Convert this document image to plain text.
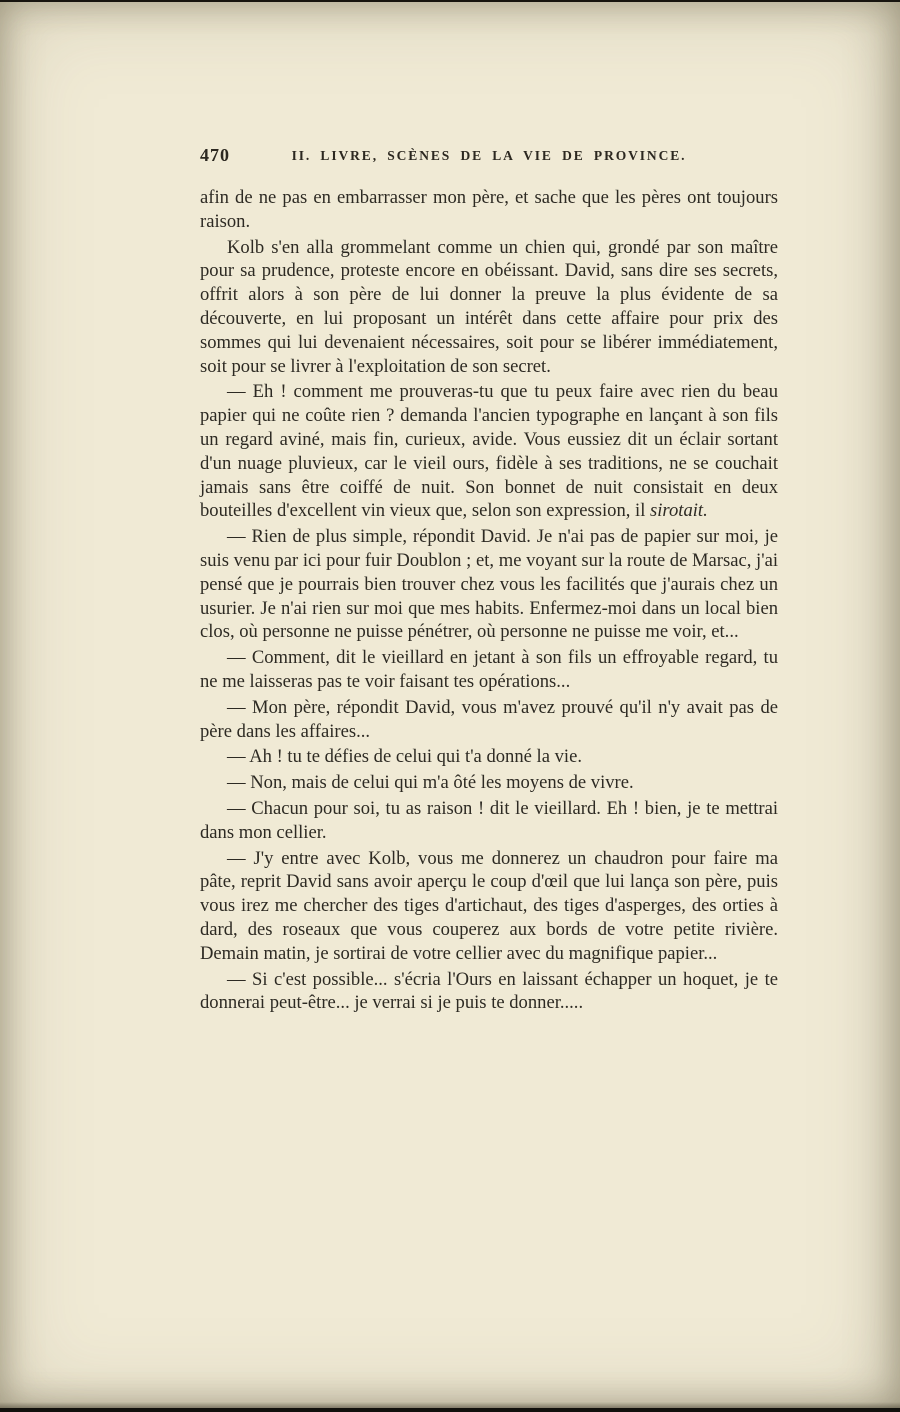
470	II. LIVRE, SCÈNES DE LA VIE DE PROVINCE.

afin de ne pas en embarrasser mon père, et sache que les pères ont toujours raison.

Kolb s'en alla grommelant comme un chien qui, grondé par son maître pour sa prudence, proteste encore en obéissant. David, sans dire ses secrets, offrit alors à son père de lui donner la preuve la plus évidente de sa découverte, en lui proposant un intérêt dans cette affaire pour prix des sommes qui lui devenaient nécessaires, soit pour se libérer immédiatement, soit pour se livrer à l'exploitation de son secret.

— Eh ! comment me prouveras-tu que tu peux faire avec rien du beau papier qui ne coûte rien ? demanda l'ancien typographe en lançant à son fils un regard aviné, mais fin, curieux, avide. Vous eussiez dit un éclair sortant d'un nuage pluvieux, car le vieil ours, fidèle à ses traditions, ne se couchait jamais sans être coiffé de nuit. Son bonnet de nuit consistait en deux bouteilles d'excellent vin vieux que, selon son expression, il sirotait.

— Rien de plus simple, répondit David. Je n'ai pas de papier sur moi, je suis venu par ici pour fuir Doublon ; et, me voyant sur la route de Marsac, j'ai pensé que je pourrais bien trouver chez vous les facilités que j'aurais chez un usurier. Je n'ai rien sur moi que mes habits. Enfermez-moi dans un local bien clos, où personne ne puisse pénétrer, où personne ne puisse me voir, et...

— Comment, dit le vieillard en jetant à son fils un effroyable regard, tu ne me laisseras pas te voir faisant tes opérations...

— Mon père, répondit David, vous m'avez prouvé qu'il n'y avait pas de père dans les affaires...

— Ah ! tu te défies de celui qui t'a donné la vie.

— Non, mais de celui qui m'a ôté les moyens de vivre.

— Chacun pour soi, tu as raison ! dit le vieillard. Eh ! bien, je te mettrai dans mon cellier.

— J'y entre avec Kolb, vous me donnerez un chaudron pour faire ma pâte, reprit David sans avoir aperçu le coup d'œil que lui lança son père, puis vous irez me chercher des tiges d'artichaut, des tiges d'asperges, des orties à dard, des roseaux que vous couperez aux bords de votre petite rivière. Demain matin, je sortirai de votre cellier avec du magnifique papier...

— Si c'est possible... s'écria l'Ours en laissant échapper un hoquet, je te donnerai peut-être... je verrai si je puis te donner.....
